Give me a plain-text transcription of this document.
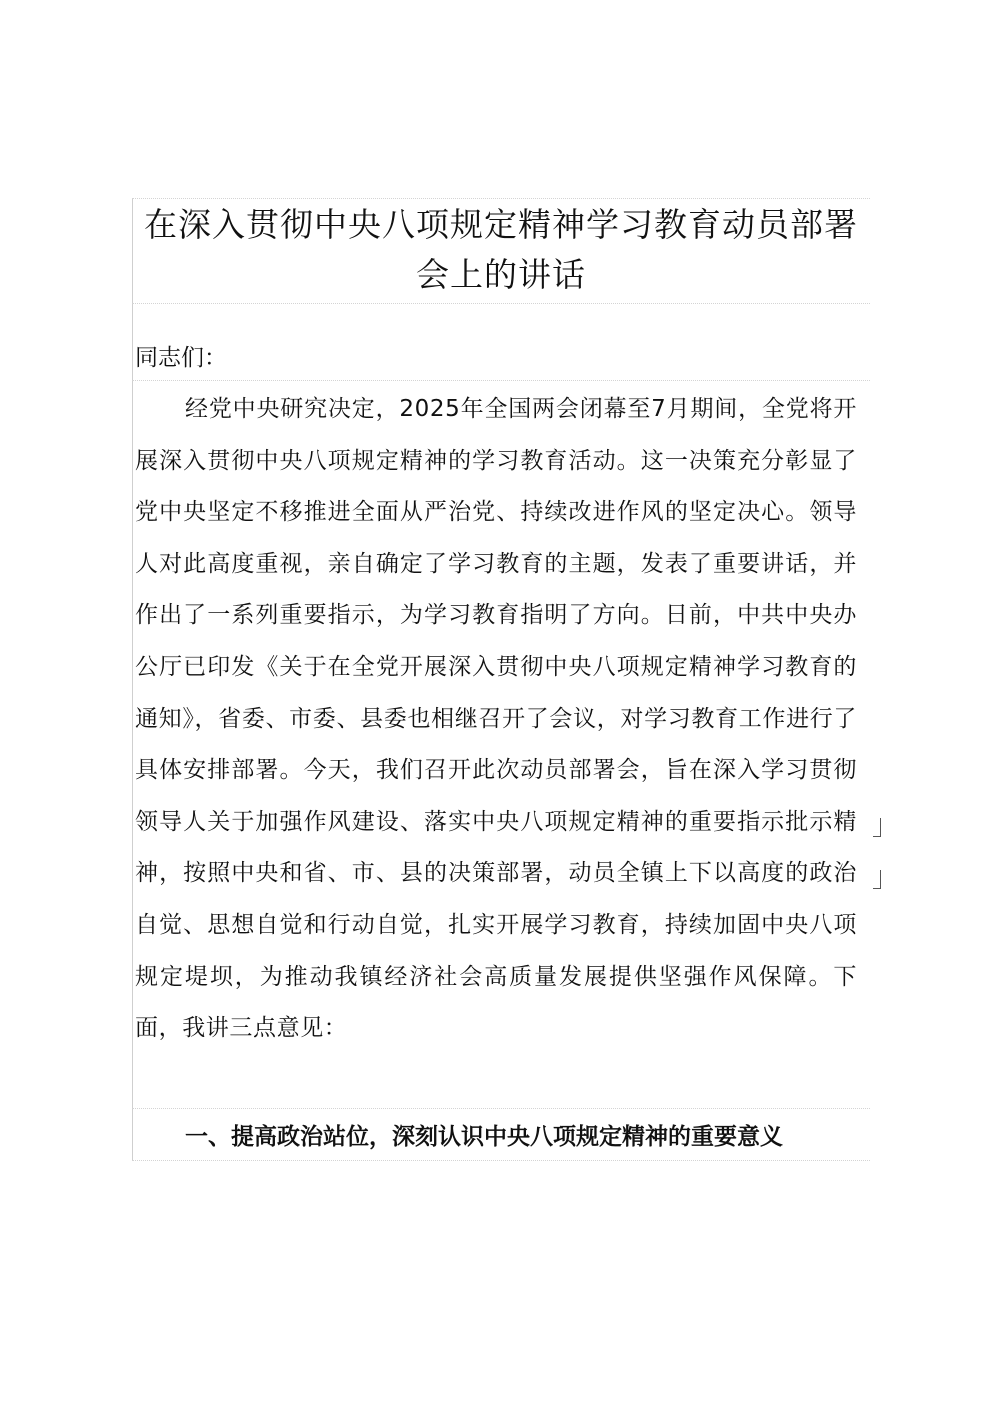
在深入贯彻中央八项规定精神学习教育动员部署会上的讲话

同志们：

经党中央研究决定，2025年全国两会闭幕至7月期间，全党将开展深入贯彻中央八项规定精神的学习教育活动。这一决策充分彰显了党中央坚定不移推进全面从严治党、持续改进作风的坚定决心。领导人对此高度重视，亲自确定了学习教育的主题，发表了重要讲话，并作出了一系列重要指示，为学习教育指明了方向。日前，中共中央办公厅已印发《关于在全党开展深入贯彻中央八项规定精神学习教育的通知》，省委、市委、县委也相继召开了会议，对学习教育工作进行了具体安排部署。今天，我们召开此次动员部署会，旨在深入学习贯彻领导人关于加强作风建设、落实中央八项规定精神的重要指示批示精神，按照中央和省、市、县的决策部署，动员全镇上下以高度的政治自觉、思想自觉和行动自觉，扎实开展学习教育，持续加固中央八项规定堤坝，为推动我镇经济社会高质量发展提供坚强作风保障。下面，我讲三点意见：

一、提高政治站位，深刻认识中央八项规定精神的重要意义
